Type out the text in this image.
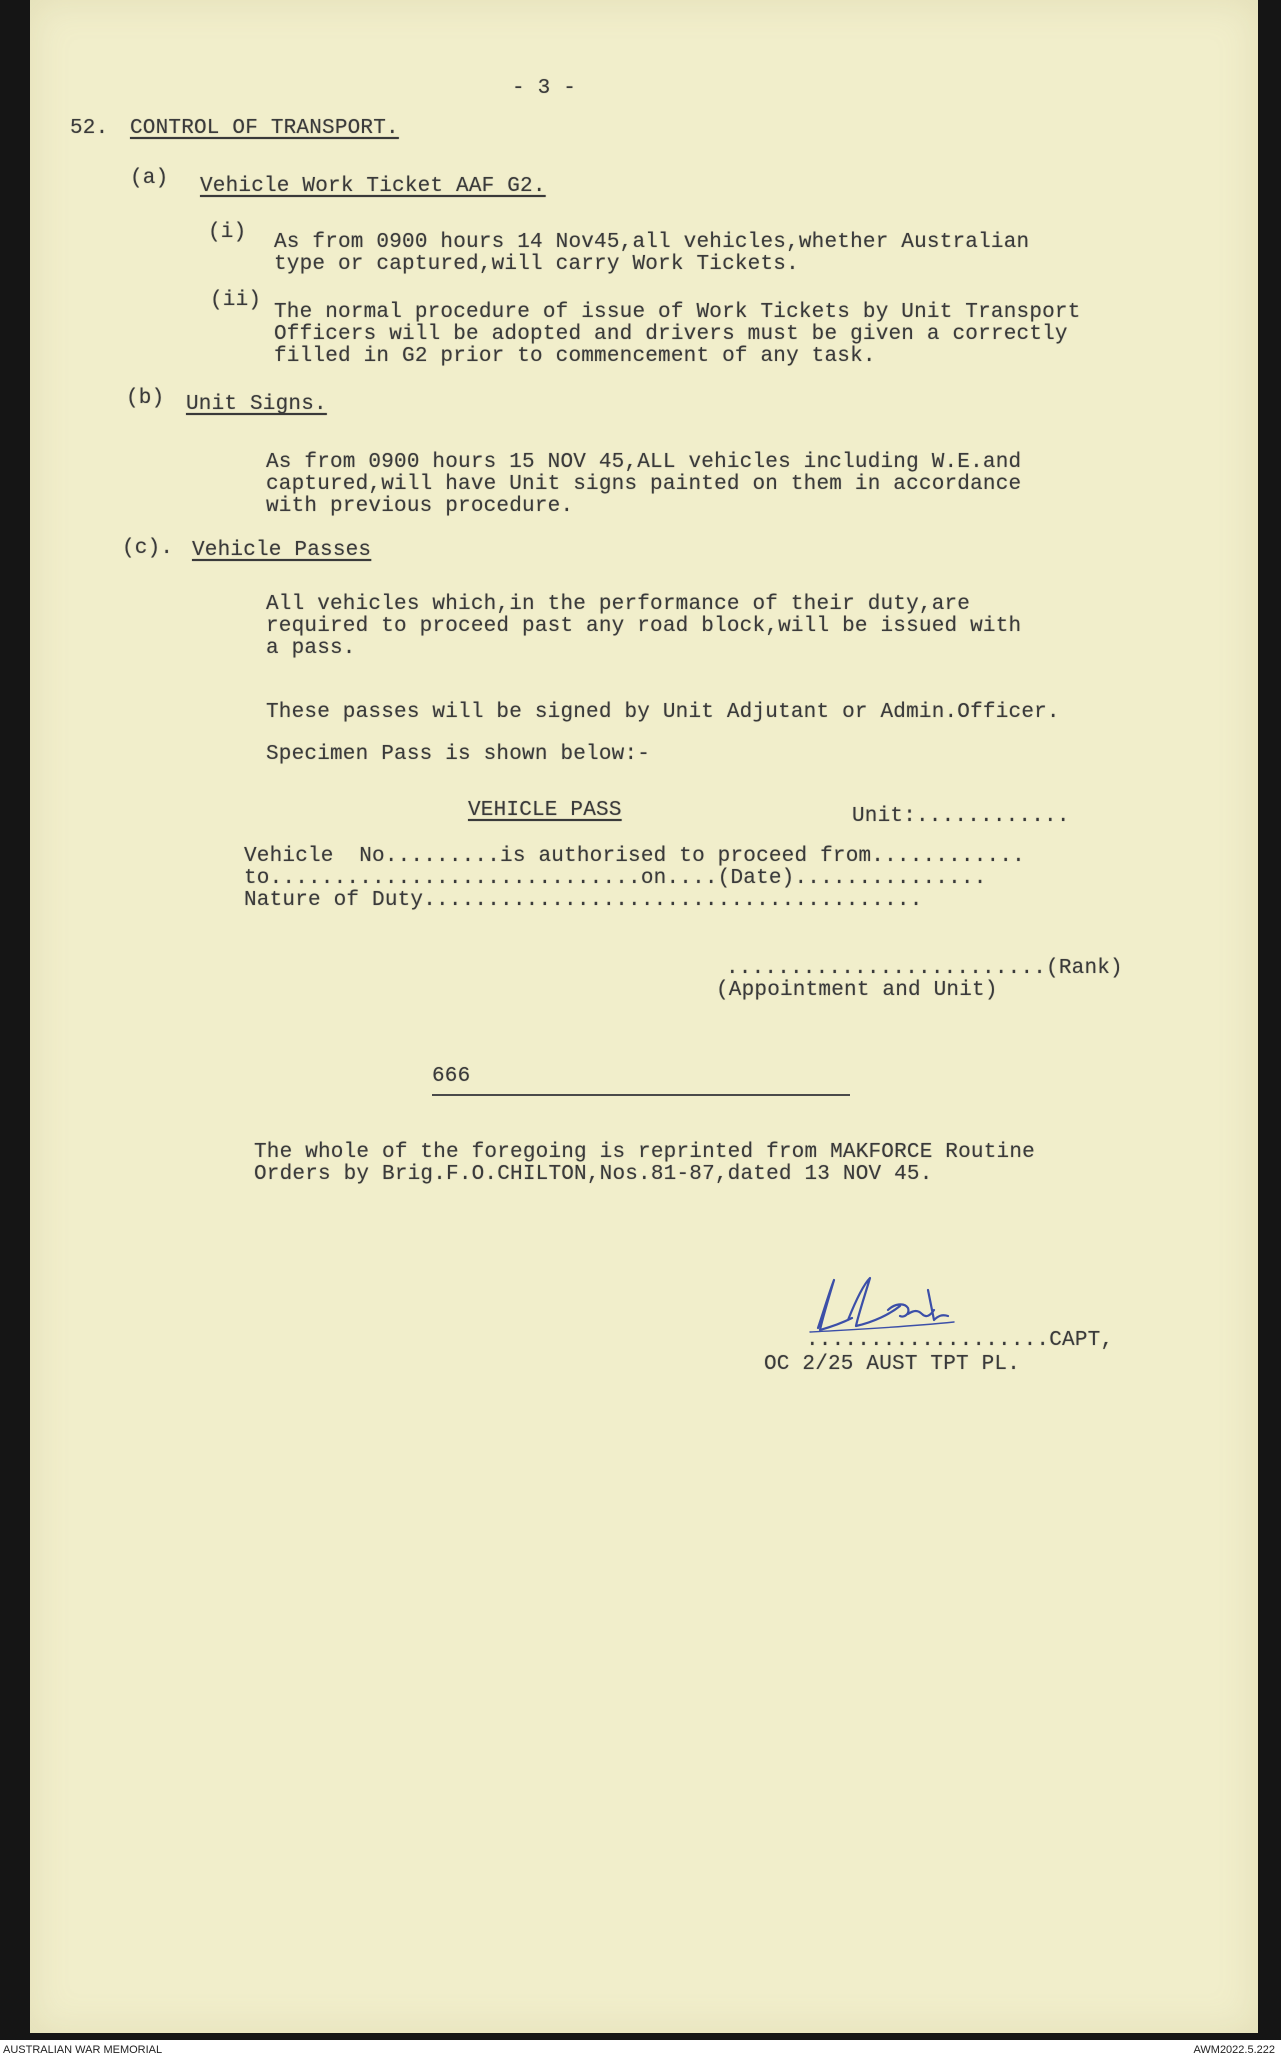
- 3 -
52. CONTROL OF TRANSPORT.
(a) Vehicle Work Ticket AAF G2.
(i) As from 0900 hours 14 Nov45,all vehicles,whether Australian
type or captured,will carry Work Tickets.
(ii)
The normal procedure of issue of Work Tickets by Unit Transport
Officers will be adopted and drivers must be given a correctly
filled in G2 prior to commencement of any task.
(b) Unit Signs.
As from 0900 hours 15 NOV 45,ALL vehicles including W.E.and
captured,will have Unit signs painted on them in accordance
with previous procedure.
(c). Vehicle Passes
All vehicles which,in the performance of their duty,are
required to proceed past any road block,will be issued with
a pass.
These passes will be signed by Unit Adjutant or Admin.Officer.
Specimen Pass is shown below:-
VEHICLE PASS	Unit:............
Vehicle  No.........is authorised to proceed from............
to.............................on....(Date)...............
Nature of Duty.......................................
.........................(Rank)
(Appointment and Unit)
666
The whole of the foregoing is reprinted from MAKFORCE Routine
Orders by Brig.F.O.CHILTON,Nos.81-87,dated 13 NOV 45.
...................CAPT,
OC 2/25 AUST TPT PL.
AUSTRALIAN WAR MEMORIAL	AWM2022.5.222
